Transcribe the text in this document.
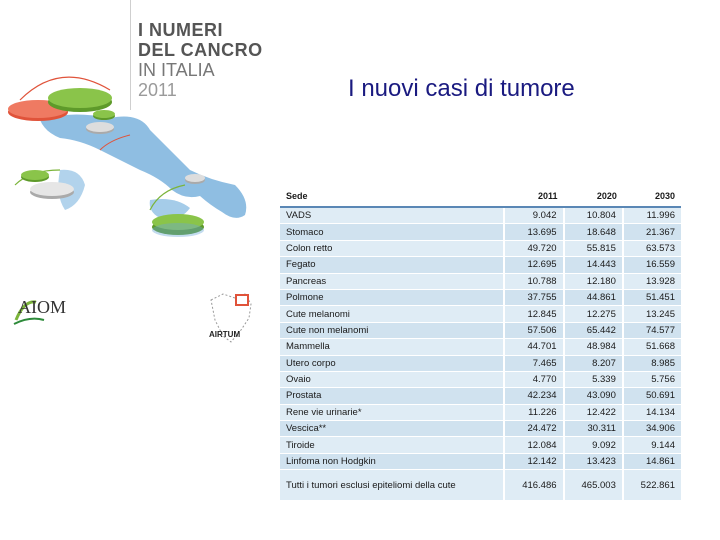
I NUMERI
DEL CANCRO
IN ITALIA
2011	I nuovi casi di tumore
AIOM
AIRTUM
Sede	2011	2020	2030
VADS	9.042	10.804	11.996
Stomaco	13.695	18.648	21.367
Colon retto	49.720	55.815	63.573
Fegato	12.695	14.443	16.559
Pancreas	10.788	12.180	13.928
Polmone	37.755	44.861	51.451
Cute melanomi	12.845	12.275	13.245
Cute non melanomi	57.506	65.442	74.577
Mammella	44.701	48.984	51.668
Utero corpo	7.465	8.207	8.985
Ovaio	4.770	5.339	5.756
Prostata	42.234	43.090	50.691
Rene vie urinarie*	11.226	12.422	14.134
Vescica**	24.472	30.311	34.906
Tiroide	12.084	9.092	9.144
Linfoma non Hodgkin	12.142	13.423	14.861
Tutti i tumori esclusi epiteliomi della cute	416.486	465.003	522.861
